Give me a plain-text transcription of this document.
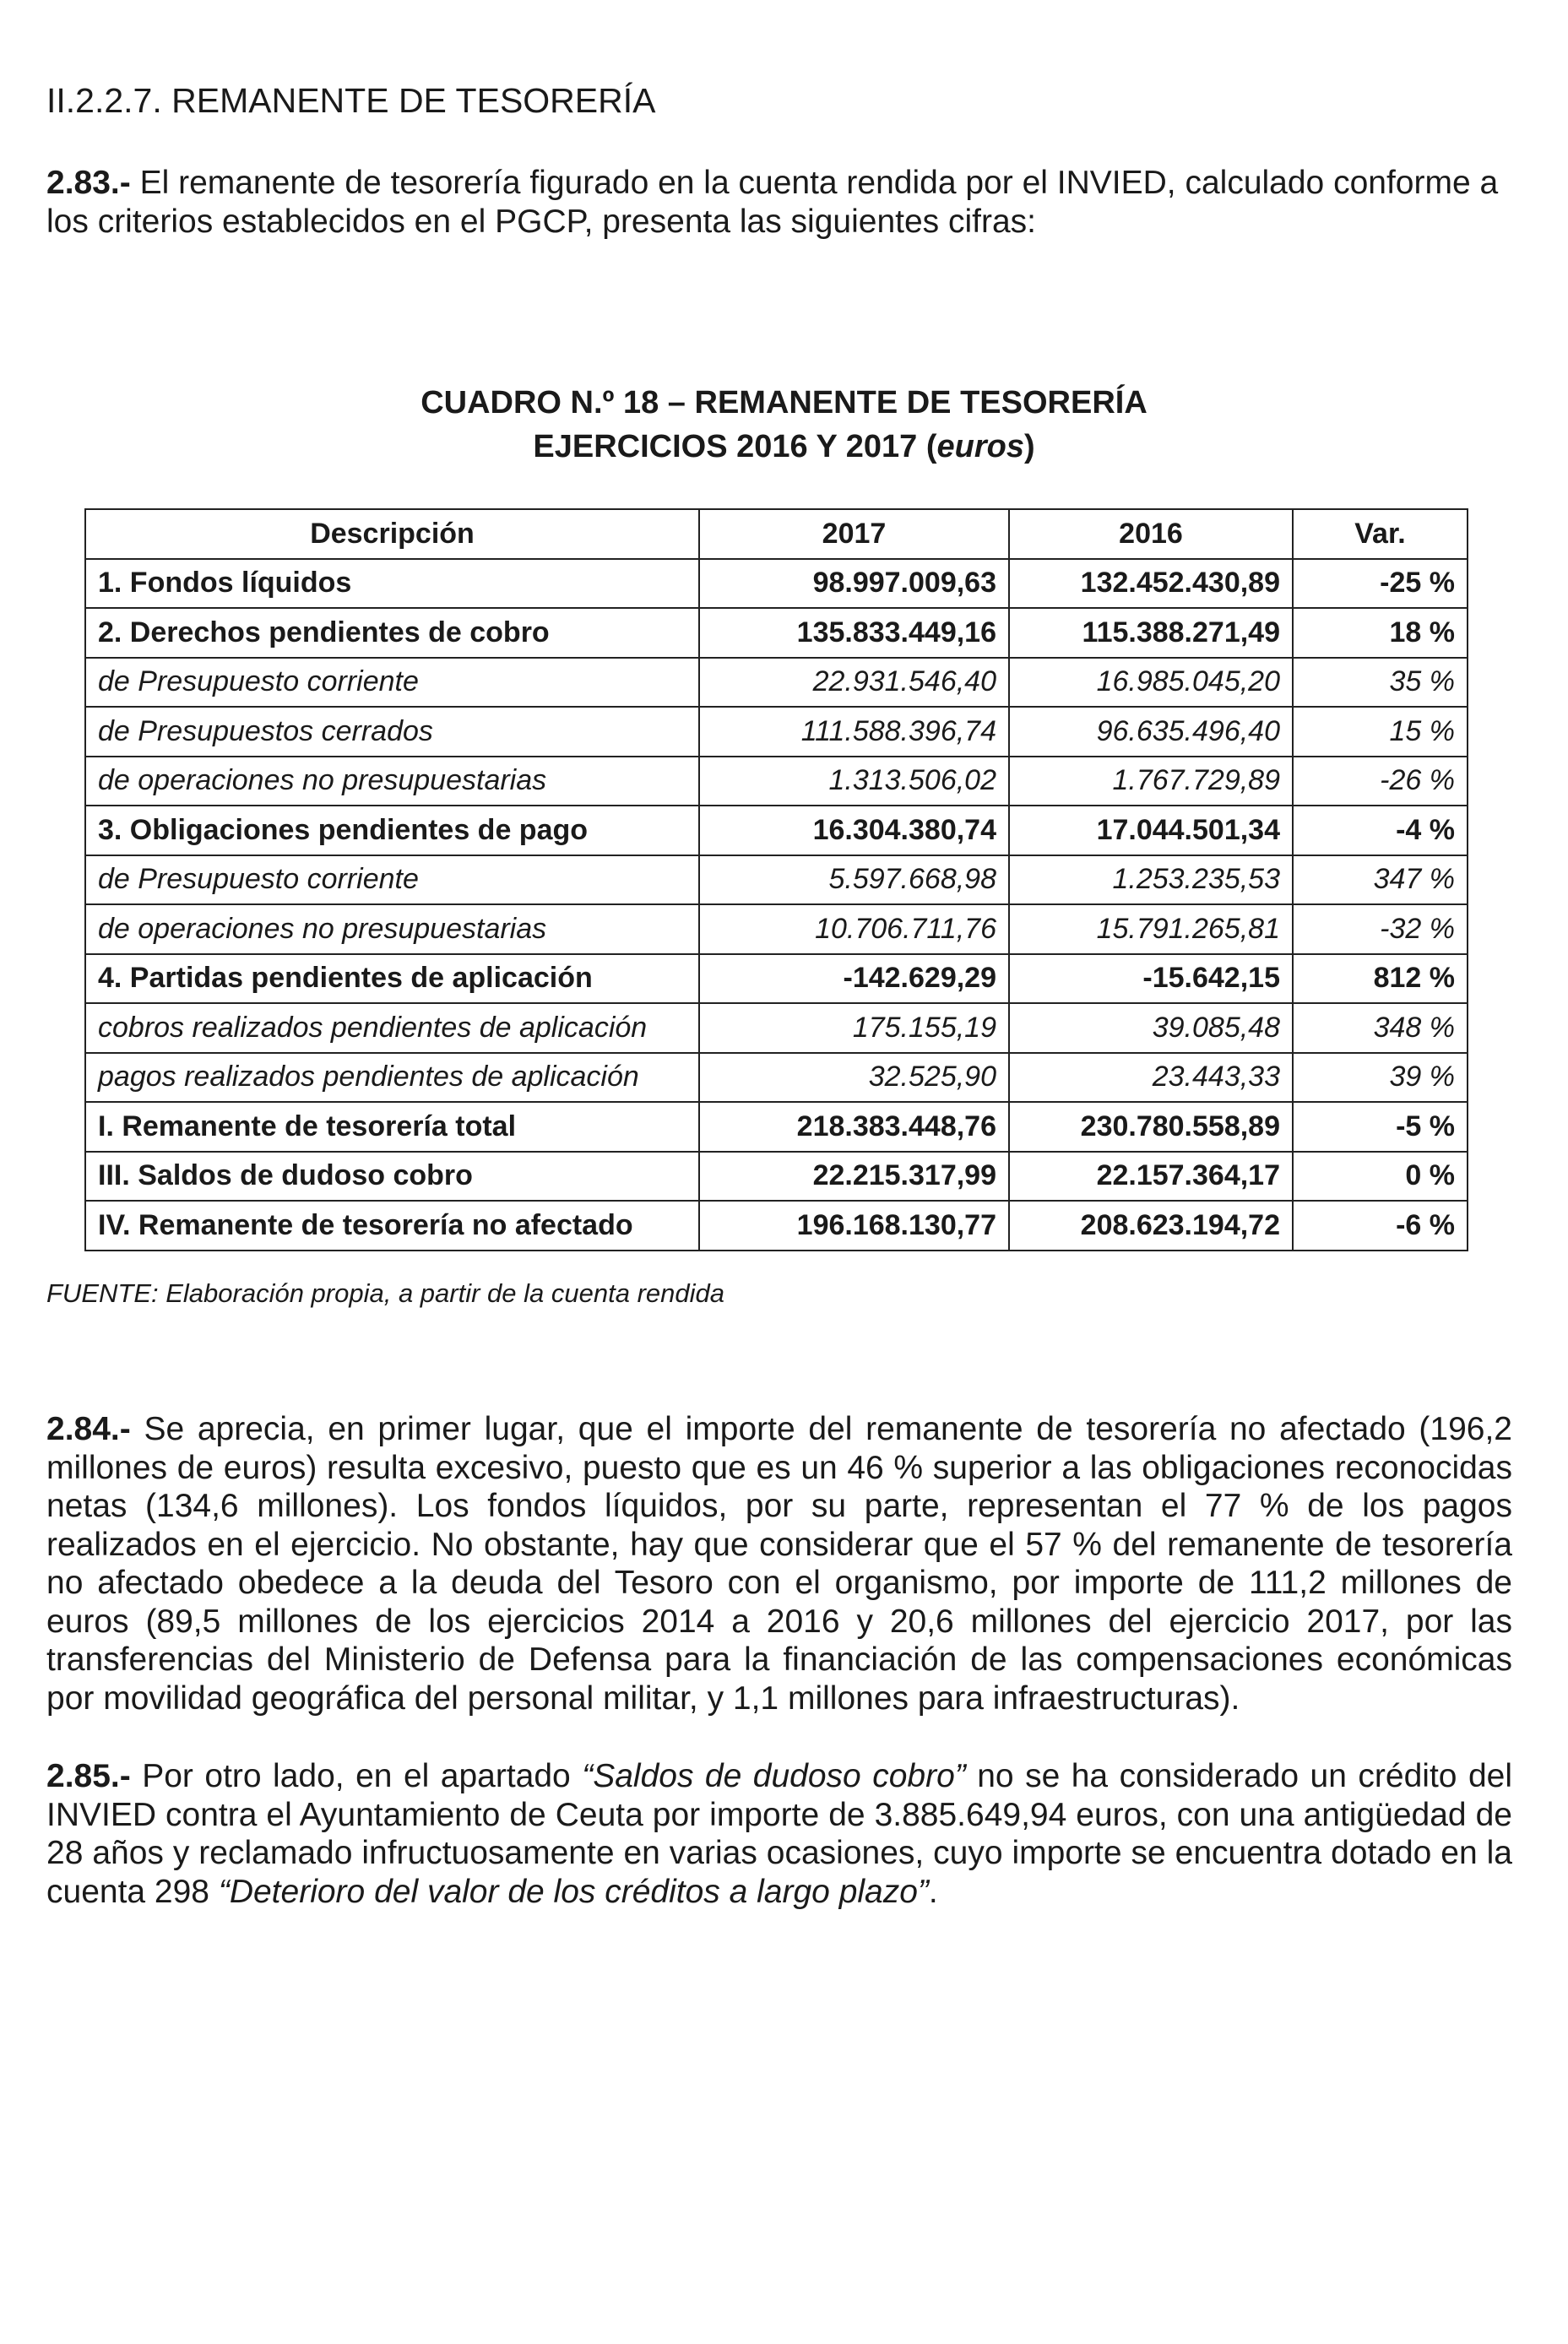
II.2.2.7. REMANENTE DE TESORERÍA

2.83.- El remanente de tesorería figurado en la cuenta rendida por el INVIED, calculado conforme a los criterios establecidos en el PGCP, presenta las siguientes cifras:

CUADRO N.º 18 – REMANENTE DE TESORERÍA
EJERCICIOS 2016 Y 2017 (euros)
Descripción	2017	2016	Var.
1. Fondos líquidos	98.997.009,63	132.452.430,89	-25 %
2. Derechos pendientes de cobro	135.833.449,16	115.388.271,49	18 %
de Presupuesto corriente	22.931.546,40	16.985.045,20	35 %
de Presupuestos cerrados	111.588.396,74	96.635.496,40	15 %
de operaciones no presupuestarias	1.313.506,02	1.767.729,89	-26 %
3. Obligaciones pendientes de pago	16.304.380,74	17.044.501,34	-4 %
de Presupuesto corriente	5.597.668,98	1.253.235,53	347 %
de operaciones no presupuestarias	10.706.711,76	15.791.265,81	-32 %
4. Partidas pendientes de aplicación	-142.629,29	-15.642,15	812 %
cobros realizados pendientes de aplicación	175.155,19	39.085,48	348 %
pagos realizados pendientes de aplicación	32.525,90	23.443,33	39 %
I. Remanente de tesorería total	218.383.448,76	230.780.558,89	-5 %
III. Saldos de dudoso cobro	22.215.317,99	22.157.364,17	0 %
IV. Remanente de tesorería no afectado	196.168.130,77	208.623.194,72	-6 %
FUENTE: Elaboración propia, a partir de la cuenta rendida

2.84.- Se aprecia, en primer lugar, que el importe del remanente de tesorería no afectado (196,2 millones de euros) resulta excesivo, puesto que es un 46 % superior a las obligaciones reconocidas netas (134,6 millones). Los fondos líquidos, por su parte, representan el 77 % de los pagos realizados en el ejercicio. No obstante, hay que considerar que el 57 % del remanente de tesorería no afectado obedece a la deuda del Tesoro con el organismo, por importe de 111,2 millones de euros (89,5 millones de los ejercicios 2014 a 2016 y 20,6 millones del ejercicio 2017, por las transferencias del Ministerio de Defensa para la financiación de las compensaciones económicas por movilidad geográfica del personal militar, y 1,1 millones para infraestructuras).

2.85.- Por otro lado, en el apartado “Saldos de dudoso cobro” no se ha considerado un crédito del INVIED contra el Ayuntamiento de Ceuta por importe de 3.885.649,94 euros, con una antigüedad de 28 años y reclamado infructuosamente en varias ocasiones, cuyo importe se encuentra dotado en la cuenta 298 “Deterioro del valor de los créditos a largo plazo”.
